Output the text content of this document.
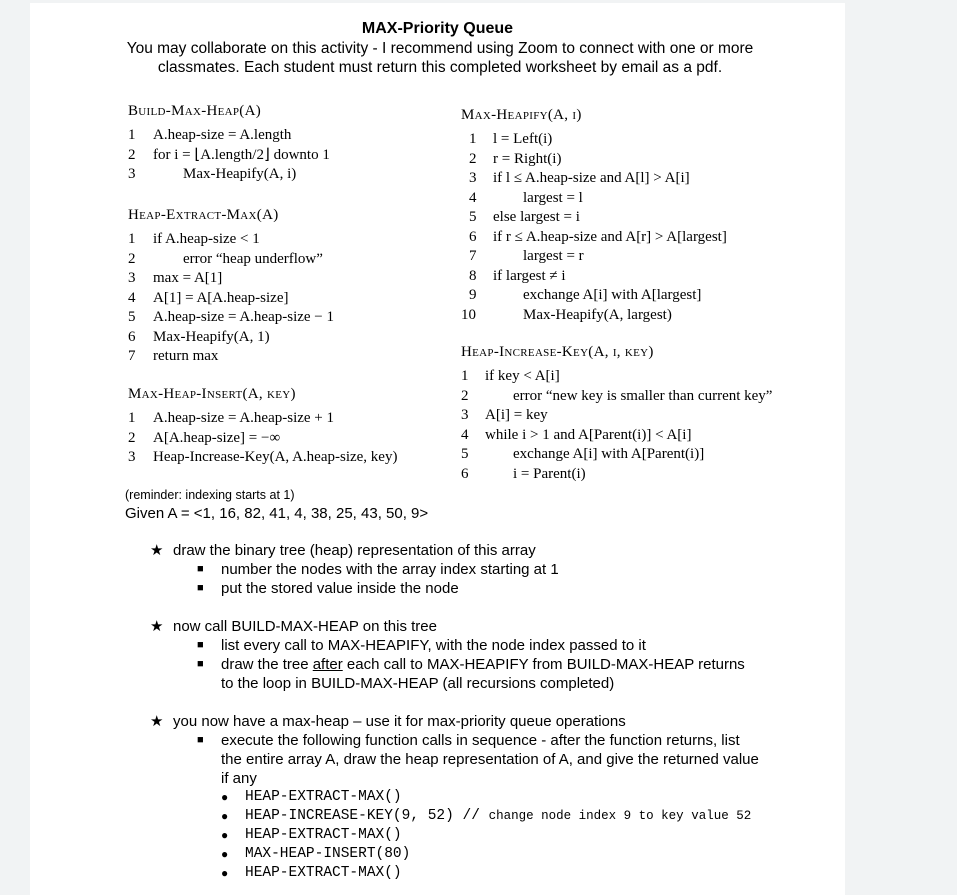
MAX-Priority Queue
You may collaborate on this activity - I recommend using Zoom to connect with one or more classmates. Each student must return this completed worksheet by email as a pdf.
Build-Max-Heap(A)
1	A.heap-size = A.length
2	for i = ⌊A.length/2⌋ downto 1
3	Max-Heapify(A, i)
Heap-Extract-Max(A)
1	if A.heap-size < 1
2	error “heap underflow”
3	max = A[1]
4	A[1] = A[A.heap-size]
5	A.heap-size = A.heap-size − 1
6	Max-Heapify(A, 1)
7	return max
Max-Heap-Insert(A, key)
1	A.heap-size = A.heap-size + 1
2	A[A.heap-size] = −∞
3	Heap-Increase-Key(A, A.heap-size, key)
Max-Heapify(A, i)
1	l = Left(i)
2	r = Right(i)
3	if l ≤ A.heap-size and A[l] > A[i]
4	largest = l
5	else largest = i
6	if r ≤ A.heap-size and A[r] > A[largest]
7	largest = r
8	if largest ≠ i
9	exchange A[i] with A[largest]
10	Max-Heapify(A, largest)
Heap-Increase-Key(A, i, key)
1	if key < A[i]
2	error “new key is smaller than current key”
3	A[i] = key
4	while i > 1 and A[Parent(i)] < A[i]
5	exchange A[i] with A[Parent(i)]
6	i = Parent(i)
(reminder: indexing starts at 1)
Given A = <1, 16, 82, 41, 4, 38, 25, 43, 50, 9>
★ draw the binary tree (heap) representation of this array
■ number the nodes with the array index starting at 1
■ put the stored value inside the node
★ now call BUILD-MAX-HEAP on this tree
■ list every call to MAX-HEAPIFY, with the node index passed to it
■ draw the tree after each call to MAX-HEAPIFY from BUILD-MAX-HEAP returns
to the loop in BUILD-MAX-HEAP (all recursions completed)
★ you now have a max-heap – use it for max-priority queue operations
■ execute the following function calls in sequence - after the function returns, list
the entire array A, draw the heap representation of A, and give the returned value
if any
● HEAP-EXTRACT-MAX()
● HEAP-INCREASE-KEY(9, 52) // change node index 9 to key value 52
● HEAP-EXTRACT-MAX()
● MAX-HEAP-INSERT(80)
● HEAP-EXTRACT-MAX()
